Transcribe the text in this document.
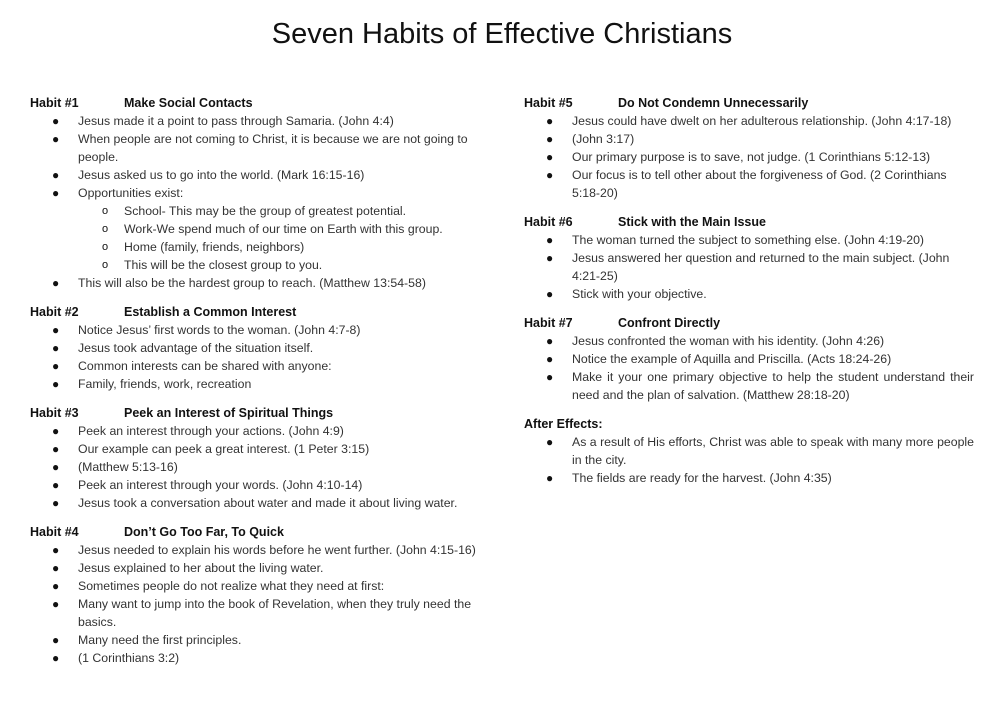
Seven Habits of Effective Christians
Habit #1	Make Social Contacts
● Jesus made it a point to pass through Samaria. (John 4:4)
● When people are not coming to Christ, it is because we are not going to people.
● Jesus asked us to go into the world. (Mark 16:15-16)
● Opportunities exist:
o School- This may be the group of greatest potential.
o Work-We spend much of our time on Earth with this group.
o Home (family, friends, neighbors)
o This will be the closest group to you.
● This will also be the hardest group to reach. (Matthew 13:54-58)
Habit #2	Establish a Common Interest
● Notice Jesus’ first words to the woman. (John 4:7-8)
● Jesus took advantage of the situation itself.
● Common interests can be shared with anyone:
● Family, friends, work, recreation
Habit #3	Peek an Interest of Spiritual Things
● Peek an interest through your actions. (John 4:9)
● Our example can peek a great interest. (1 Peter 3:15)
● (Matthew 5:13-16)
● Peek an interest through your words. (John 4:10-14)
● Jesus took a conversation about water and made it about living water.
Habit #4	Don’t Go Too Far, To Quick
● Jesus needed to explain his words before he went further. (John 4:15-16)
● Jesus explained to her about the living water.
● Sometimes people do not realize what they need at first:
● Many want to jump into the book of Revelation, when they truly need the basics.
● Many need the first principles.
● (1 Corinthians 3:2)
Habit #5	Do Not Condemn Unnecessarily
● Jesus could have dwelt on her adulterous relationship. (John 4:17-18)
● (John 3:17)
● Our primary purpose is to save, not judge. (1 Corinthians 5:12-13)
● Our focus is to tell other about the forgiveness of God. (2 Corinthians 5:18-20)
Habit #6	Stick with the Main Issue
● The woman turned the subject to something else. (John 4:19-20)
● Jesus answered her question and returned to the main subject. (John 4:21-25)
● Stick with your objective.
Habit #7	Confront Directly
● Jesus confronted the woman with his identity. (John 4:26)
● Notice the example of Aquilla and Priscilla. (Acts 18:24-26)
● Make it your one primary objective to help the student understand their need and the plan of salvation. (Matthew 28:18-20)
After Effects:
● As a result of His efforts, Christ was able to speak with many more people in the city.
● The fields are ready for the harvest. (John 4:35)
